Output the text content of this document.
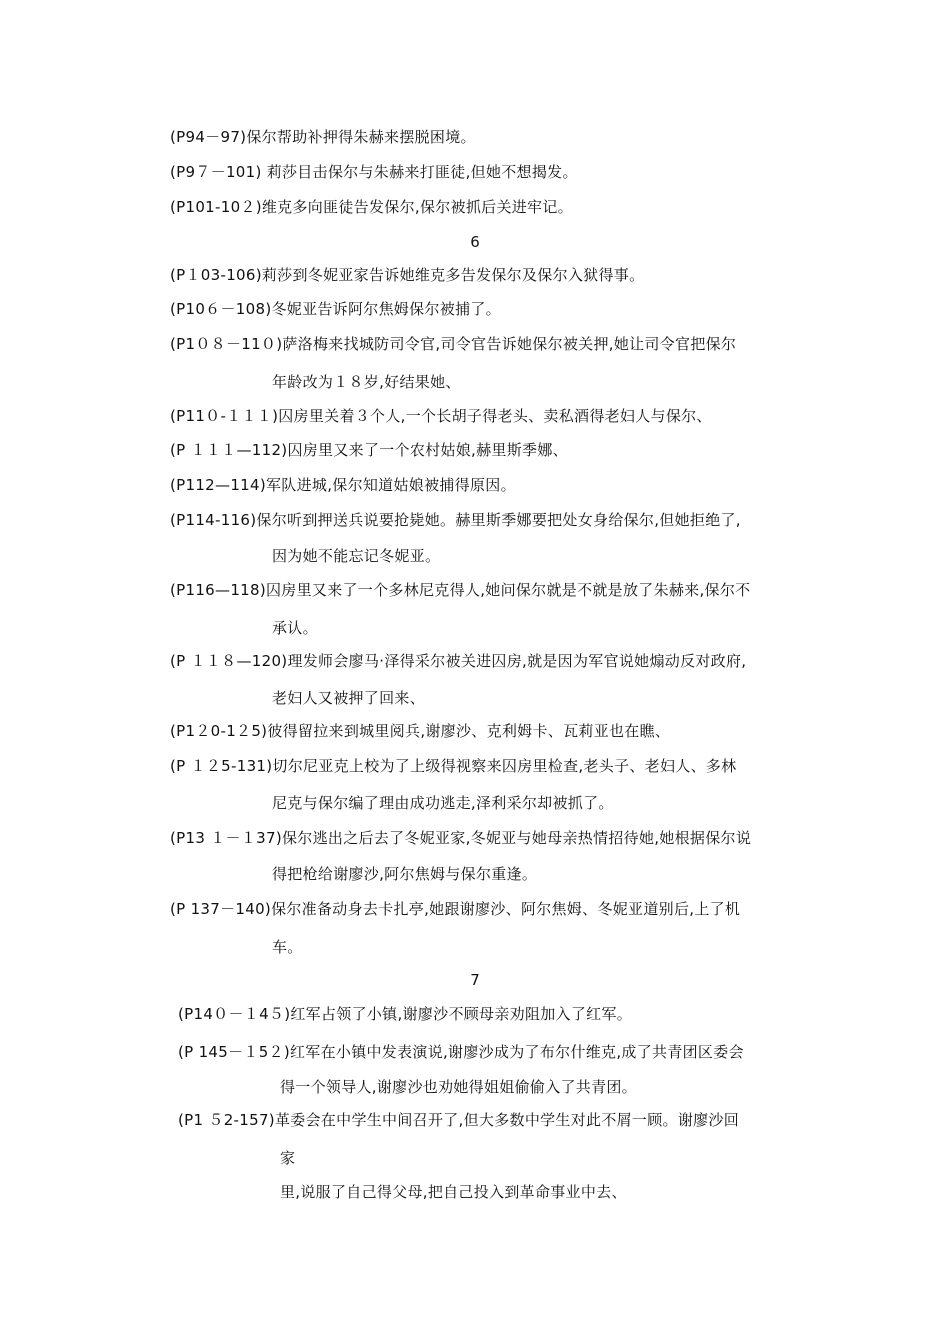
(P94－97)保尔帮助补押得朱赫来摆脱困境。
(P9７－101) 莉莎目击保尔与朱赫来打匪徒,但她不想揭发。
(P101-10２)维克多向匪徒告发保尔,保尔被抓后关进牢记。
6
(P１03-106)莉莎到冬妮亚家告诉她维克多告发保尔及保尔入狱得事。
(P10６－108)冬妮亚告诉阿尔焦姆保尔被捕了。
(P1０８－11０)萨洛梅来找城防司令官,司令官告诉她保尔被关押,她让司令官把保尔
年龄改为１８岁,好结果她、
(P11０-１１１)囚房里关着３个人,一个长胡子得老头、卖私酒得老妇人与保尔、
(P １１１—112)囚房里又来了一个农村姑娘,赫里斯季娜、
(P112—114)军队进城,保尔知道姑娘被捕得原因。
(P114-116)保尔听到押送兵说要抢毙她。赫里斯季娜要把处女身给保尔,但她拒绝了,
因为她不能忘记冬妮亚。
(P116—118)囚房里又来了一个多林尼克得人,她问保尔就是不就是放了朱赫来,保尔不
承认。
(P １１８—120)理发师会廖马·泽得采尔被关进囚房,就是因为军官说她煽动反对政府,
老妇人又被押了回来、
(P1２0-1２5)彼得留拉来到城里阅兵,谢廖沙、克利姆卡、瓦莉亚也在瞧、
(P １２5-131)切尔尼亚克上校为了上级得视察来囚房里检查,老头子、老妇人、多林
尼克与保尔编了理由成功逃走,泽利采尔却被抓了。
(P13 １－１37)保尔逃出之后去了冬妮亚家,冬妮亚与她母亲热情招待她,她根据保尔说
得把枪给谢廖沙,阿尔焦姆与保尔重逢。
(P 137－140)保尔准备动身去卡扎亭,她跟谢廖沙、阿尔焦姆、冬妮亚道别后,上了机
车。
7
(P14０－１4５)红军占领了小镇,谢廖沙不顾母亲劝阻加入了红军。
(P 145－１5２)红军在小镇中发表演说,谢廖沙成为了布尔什维克,成了共青团区委会
得一个领导人,谢廖沙也劝她得姐姐偷偷入了共青团。
(P1 ５2-157)革委会在中学生中间召开了,但大多数中学生对此不屑一顾。谢廖沙回
家
里,说服了自己得父母,把自己投入到革命事业中去、
